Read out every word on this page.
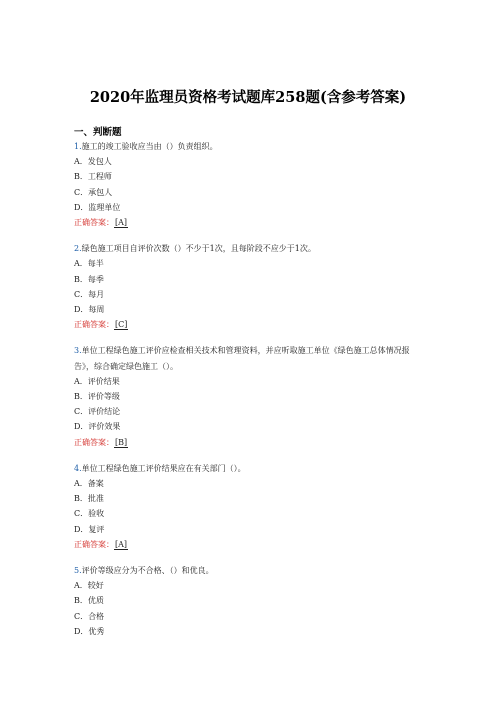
2020年监理员资格考试题库258题(含参考答案)
一、判断题
1.施工的竣工验收应当由（）负责组织。
A．发包人
B．工程师
C．承包人
D．监理单位
正确答案：[A]
2.绿色施工项目自评价次数（）不少于1次，且每阶段不应少于1次。
A．每半
B．每季
C．每月
D．每周
正确答案：[C]
3.单位工程绿色施工评价应检查相关技术和管理资料，并应听取施工单位《绿色施工总体情况报告》，综合确定绿色施工（）。
A．评价结果
B．评价等级
C．评价结论
D．评价效果
正确答案：[B]
4.单位工程绿色施工评价结果应在有关部门（）。
A．备案
B．批准
C．验收
D．复评
正确答案：[A]
5.评价等级应分为不合格、（）和优良。
A．较好
B．优质
C．合格
D．优秀
